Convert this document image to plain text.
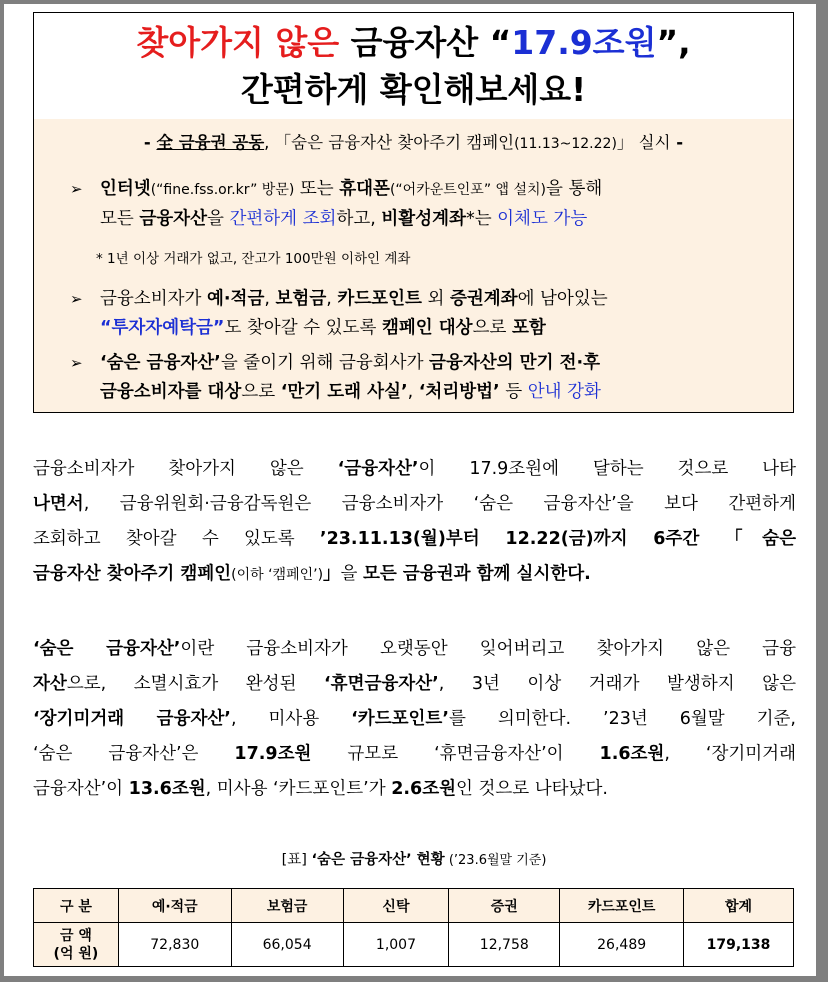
찾아가지 않은 금융자산 “17.9조원”,
간편하게 확인해보세요!
- 全 금융권 공동, 「숨은 금융자산 찾아주기 캠페인(11.13~12.22)」 실시 -
➢ 인터넷(“fine.fss.or.kr” 방문) 또는 휴대폰(“어카운트인포” 앱 설치)을 통해
모든 금융자산을 간편하게 조회하고, 비활성계좌*는 이체도 가능
* 1년 이상 거래가 없고, 잔고가 100만원 이하인 계좌
➢ 금융소비자가 예·적금, 보험금, 카드포인트 외 증권계좌에 남아있는
“투자자예탁금”도 찾아갈 수 있도록 캠페인 대상으로 포함
➢ ‘숨은 금융자산’을 줄이기 위해 금융회사가 금융자산의 만기 전·후
금융소비자를 대상으로 ‘만기 도래 사실’, ‘처리방법’ 등 안내 강화
금융소비자가 찾아가지 않은 ‘금융자산’이 17.9조원에 달하는 것으로 나타
나면서, 금융위원회·금융감독원은 금융소비자가 ‘숨은 금융자산’을 보다 간편하게
조회하고 찾아갈 수 있도록 ’23.11.13(월)부터 12.22(금)까지 6주간 「숨은
금융자산 찾아주기 캠페인(이하 ‘캠페인’)」을 모든 금융권과 함께 실시한다.
‘숨은 금융자산’이란 금융소비자가 오랫동안 잊어버리고 찾아가지 않은 금융
자산으로, 소멸시효가 완성된 ‘휴면금융자산’, 3년 이상 거래가 발생하지 않은
‘장기미거래 금융자산’, 미사용 ‘카드포인트’를 의미한다. ’23년 6월말 기준,
‘숨은 금융자산’은 17.9조원 규모로 ‘휴면금융자산’이 1.6조원, ‘장기미거래
금융자산’이 13.6조원, 미사용 ‘카드포인트’가 2.6조원인 것으로 나타났다.
[표] ‘숨은 금융자산’ 현황 (’23.6월말 기준)
구 분	예·적금	보험금	신탁	증권	카드포인트	합계

금 액
(억 원)	72,830	66,054	1,007	12,758	26,489	179,138
